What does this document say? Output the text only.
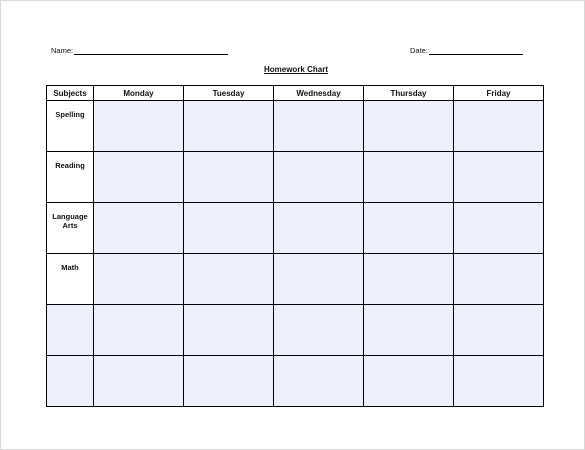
Name:	Date:
Homework Chart
Subjects	Monday	Tuesday	Wednesday	Thursday	Friday
Spelling					
Reading					
Language Arts					
Math					
